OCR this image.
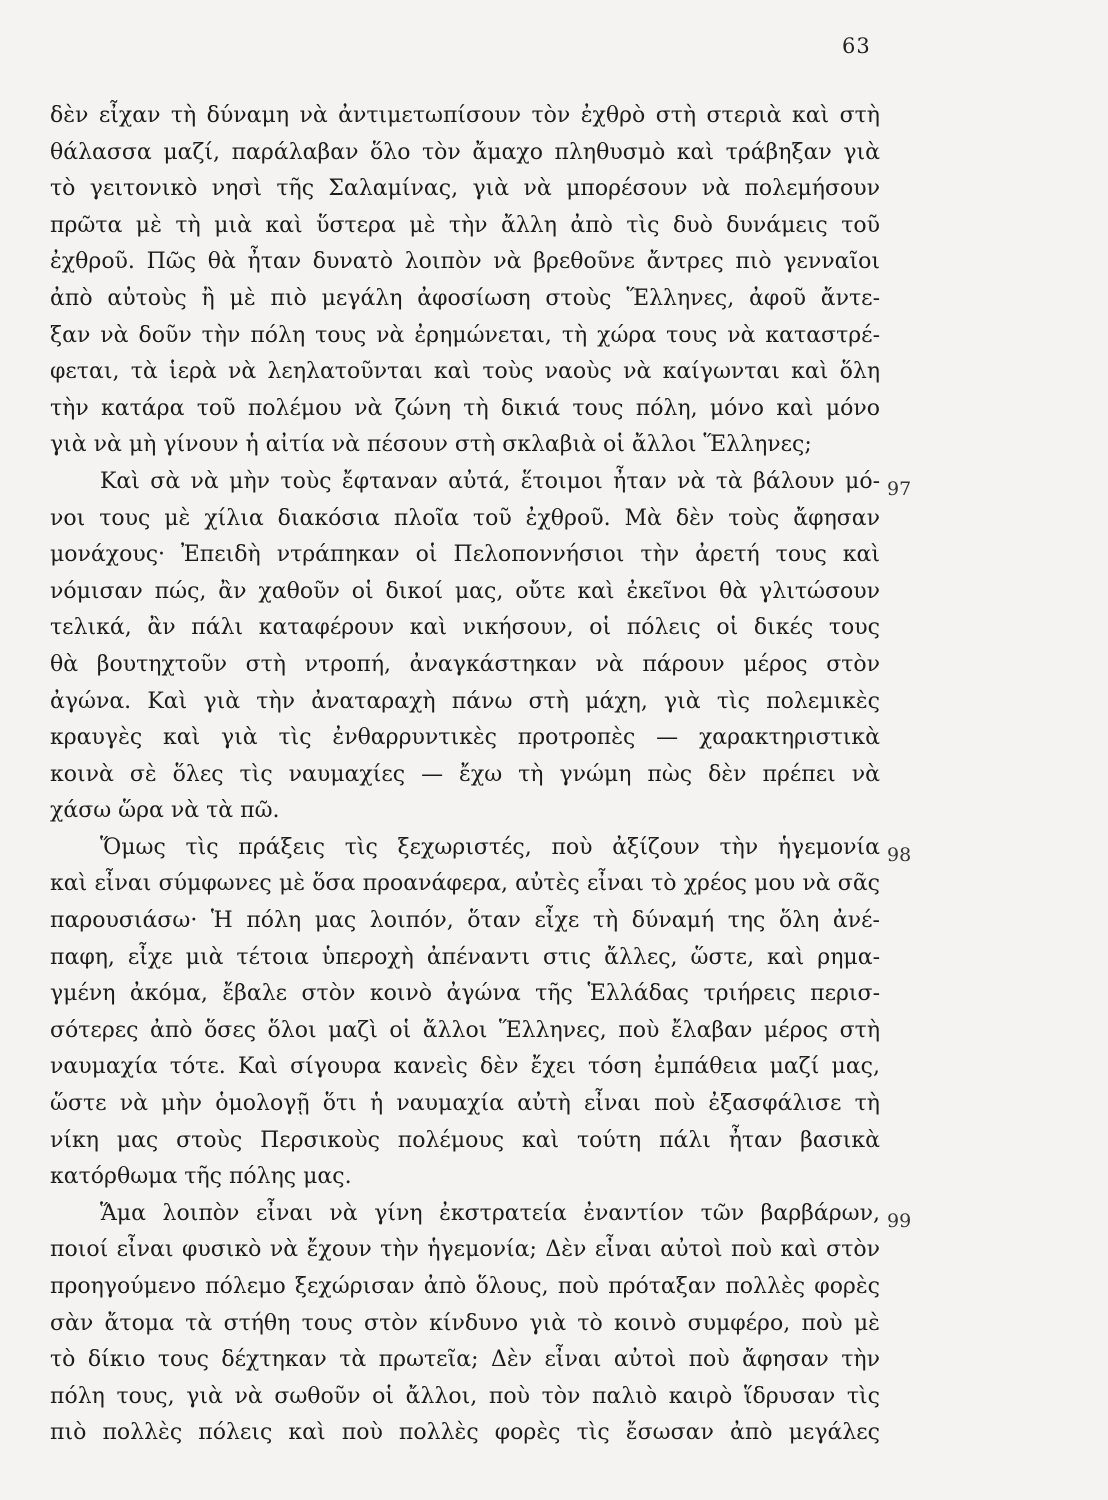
63
δὲν εἶχαν τὴ δύναμη νὰ ἀντιμετωπίσουν τὸν ἐχθρὸ στὴ στεριὰ καὶ στὴ
θάλασσα μαζί, παράλαβαν ὅλο τὸν ἄμαχο πληθυσμὸ καὶ τράβηξαν γιὰ
τὸ γειτονικὸ νησὶ τῆς Σαλαμίνας, γιὰ νὰ μπορέσουν νὰ πολεμήσουν
πρῶτα μὲ τὴ μιὰ καὶ ὕστερα μὲ τὴν ἄλλη ἀπὸ τὶς δυὸ δυνάμεις τοῦ
ἐχθροῦ. Πῶς θὰ ἦταν δυνατὸ λοιπὸν νὰ βρεθοῦνε ἄντρες πιὸ γενναῖοι
ἀπὸ αὐτοὺς ἢ μὲ πιὸ μεγάλη ἀφοσίωση στοὺς Ἕλληνες, ἀφοῦ ἄντε-
ξαν νὰ δοῦν τὴν πόλη τους νὰ ἐρημώνεται, τὴ χώρα τους νὰ καταστρέ-
φεται, τὰ ἱερὰ νὰ λεηλατοῦνται καὶ τοὺς ναοὺς νὰ καίγωνται καὶ ὅλη
τὴν κατάρα τοῦ πολέμου νὰ ζώνη τὴ δικιά τους πόλη, μόνο καὶ μόνο
γιὰ νὰ μὴ γίνουν ἡ αἰτία νὰ πέσουν στὴ σκλαβιὰ οἱ ἄλλοι Ἕλληνες;
Καὶ σὰ νὰ μὴν τοὺς ἔφταναν αὐτά, ἕτοιμοι ἦταν νὰ τὰ βάλουν μό-
νοι τους μὲ χίλια διακόσια πλοῖα τοῦ ἐχθροῦ. Μὰ δὲν τοὺς ἄφησαν
μονάχους· Ἐπειδὴ ντράπηκαν οἱ Πελοποννήσιοι τὴν ἀρετή τους καὶ
νόμισαν πώς, ἂν χαθοῦν οἱ δικοί μας, οὔτε καὶ ἐκεῖνοι θὰ γλιτώσουν
τελικά, ἂν πάλι καταφέρουν καὶ νικήσουν, οἱ πόλεις οἱ δικές τους
θὰ βουτηχτοῦν στὴ ντροπή, ἀναγκάστηκαν νὰ πάρουν μέρος στὸν
ἀγώνα. Καὶ γιὰ τὴν ἀναταραχὴ πάνω στὴ μάχη, γιὰ τὶς πολεμικὲς
κραυγὲς καὶ γιὰ τὶς ἐνθαρρυντικὲς προτροπὲς — χαρακτηριστικὰ
κοινὰ σὲ ὅλες τὶς ναυμαχίες — ἔχω τὴ γνώμη πὼς δὲν πρέπει νὰ
χάσω ὥρα νὰ τὰ πῶ.
Ὅμως τὶς πράξεις τὶς ξεχωριστές, ποὺ ἀξίζουν τὴν ἡγεμονία
καὶ εἶναι σύμφωνες μὲ ὅσα προανάφερα, αὐτὲς εἶναι τὸ χρέος μου νὰ σᾶς
παρουσιάσω· Ἡ πόλη μας λοιπόν, ὅταν εἶχε τὴ δύναμή της ὅλη ἀνέ-
παφη, εἶχε μιὰ τέτοια ὑπεροχὴ ἀπέναντι στις ἄλλες, ὥστε, καὶ ρημα-
γμένη ἀκόμα, ἔβαλε στὸν κοινὸ ἀγώνα τῆς Ἑλλάδας τριήρεις περισ-
σότερες ἀπὸ ὅσες ὅλοι μαζὶ οἱ ἄλλοι Ἕλληνες, ποὺ ἔλαβαν μέρος στὴ
ναυμαχία τότε. Καὶ σίγουρα κανεὶς δὲν ἔχει τόση ἐμπάθεια μαζί μας,
ὥστε νὰ μὴν ὁμολογῇ ὅτι ἡ ναυμαχία αὐτὴ εἶναι ποὺ ἐξασφάλισε τὴ
νίκη μας στοὺς Περσικοὺς πολέμους καὶ τούτη πάλι ἦταν βασικὰ
κατόρθωμα τῆς πόλης μας.
Ἅμα λοιπὸν εἶναι νὰ γίνη ἐκστρατεία ἐναντίον τῶν βαρβάρων,
ποιοί εἶναι φυσικὸ νὰ ἔχουν τὴν ἡγεμονία; Δὲν εἶναι αὐτοὶ ποὺ καὶ στὸν
προηγούμενο πόλεμο ξεχώρισαν ἀπὸ ὅλους, ποὺ πρόταξαν πολλὲς φορὲς
σὰν ἄτομα τὰ στήθη τους στὸν κίνδυνο γιὰ τὸ κοινὸ συμφέρο, ποὺ μὲ
τὸ δίκιο τους δέχτηκαν τὰ πρωτεῖα; Δὲν εἶναι αὐτοὶ ποὺ ἄφησαν τὴν
πόλη τους, γιὰ νὰ σωθοῦν οἱ ἄλλοι, ποὺ τὸν παλιὸ καιρὸ ἵδρυσαν τὶς
πιὸ πολλὲς πόλεις καὶ ποὺ πολλὲς φορὲς τὶς ἔσωσαν ἀπὸ μεγάλες
97
98
99
